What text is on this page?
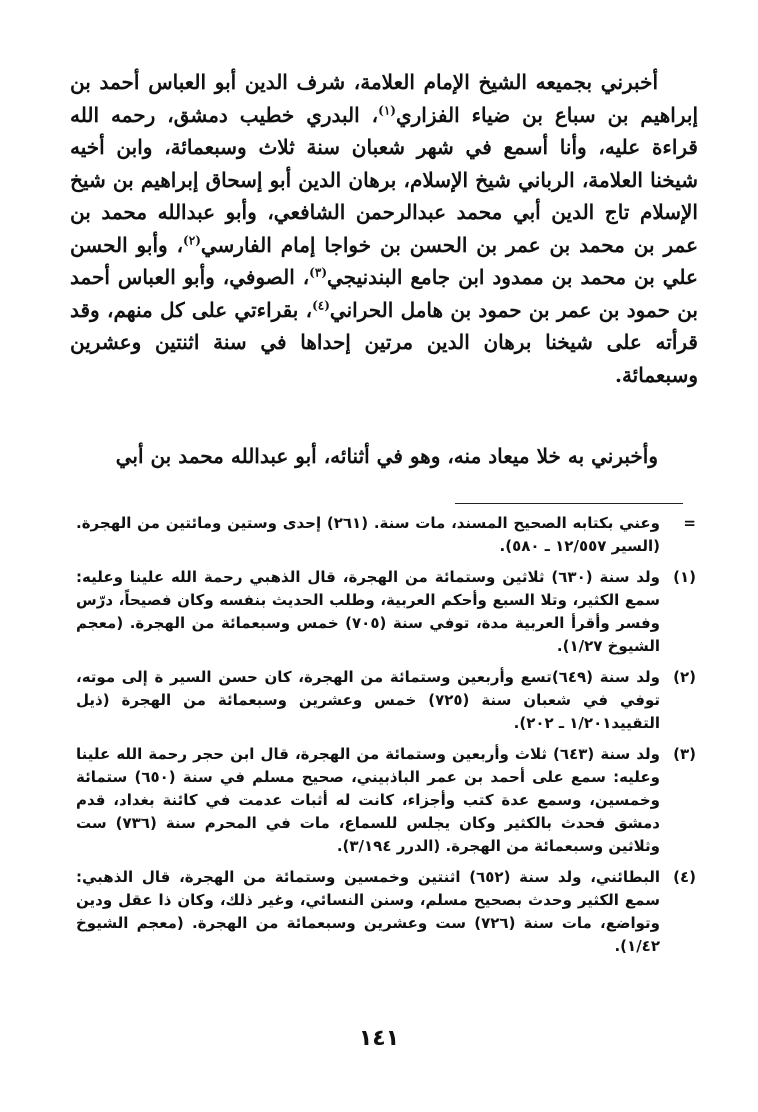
أخبرني بجميعه الشيخ الإمام العلامة، شرف الدين أبو العباس أحمد بن إبراهيم بن سباع بن ضياء الفزاري$^{(١)}$، البدري خطيب دمشق، رحمه الله قراءة عليه، وأنا أسمع في شهر شعبان سنة ثلاث وسبعمائة، وابن أخيه شيخنا العلامة، الرباني شيخ الإسلام، برهان الدين أبو إسحاق إبراهيم بن شيخ الإسلام تاج الدين أبي محمد عبدالرحمن الشافعي، وأبو عبدالله محمد بن عمر بن محمد بن عمر بن الحسن بن خواجا إمام الفارسي$^{(٢)}$، وأبو الحسن علي بن محمد بن ممدود ابن جامع البندنيجي$^{(٣)}$، الصوفي، وأبو العباس أحمد بن حمود بن عمر بن حمود بن هامل الحراني$^{(٤)}$، بقراءتي على كل منهم، وقد قرأته على شيخنا برهان الدين مرتين إحداها في سنة اثنتين وعشرين وسبعمائة.

وأخبرني به خلا ميعاد منه، وهو في أثنائه، أبو عبدالله محمد بن أبي

=
وعني بكتابه الصحيح المسند، مات سنة. (٢٦١) إحدى وستين ومائتين من الهجرة. (السير ١٢/٥٥٧ ـ ٥٨٠).
(١)
ولد سنة (٦٣٠) ثلاثين وستمائة من الهجرة، قال الذهبي رحمة الله علينا وعليه: سمع الكثير، وتلا السبع وأحكم العربية، وطلب الحديث بنفسه وكان فصيحاً، درّس وفسر وأقرأ العربية مدة، توفي سنة (٧٠٥) خمس وسبعمائة من الهجرة. (معجم الشيوخ ١/٢٧).
(٢)
ولد سنة (٦٤٩)تسع وأربعين وستمائة من الهجرة، كان حسن السير ة إلى موته، توفي في شعبان سنة (٧٢٥) خمس وعشرين وسبعمائة من الهجرة (ذيل التقييد١/٢٠١ ـ ٢٠٢).
(٣)
ولد سنة (٦٤٣) ثلاث وأربعين وستمائة من الهجرة، قال ابن حجر رحمة الله علينا وعليه: سمع على أحمد بن عمر الباذبيني، صحيح مسلم في سنة (٦٥٠) ستمائة وخمسين، وسمع عدة كتب وأجزاء، كانت له أثبات عدمت في كائنة بغداد، قدم دمشق فحدث بالكثير وكان يجلس للسماع، مات في المحرم سنة (٧٣٦) ست وثلاثين وسبعمائة من الهجرة. (الدرر ٣/١٩٤).
(٤)
البطائني، ولد سنة (٦٥٢) اثنتين وخمسين وستمائة من الهجرة، قال الذهبي: سمع الكثير وحدث بصحيح مسلم، وسنن النسائي، وغير ذلك، وكان ذا عقل ودين وتواضع، مات سنة (٧٢٦) ست وعشرين وسبعمائة من الهجرة. (معجم الشيوخ ١/٤٢).
١٤١
